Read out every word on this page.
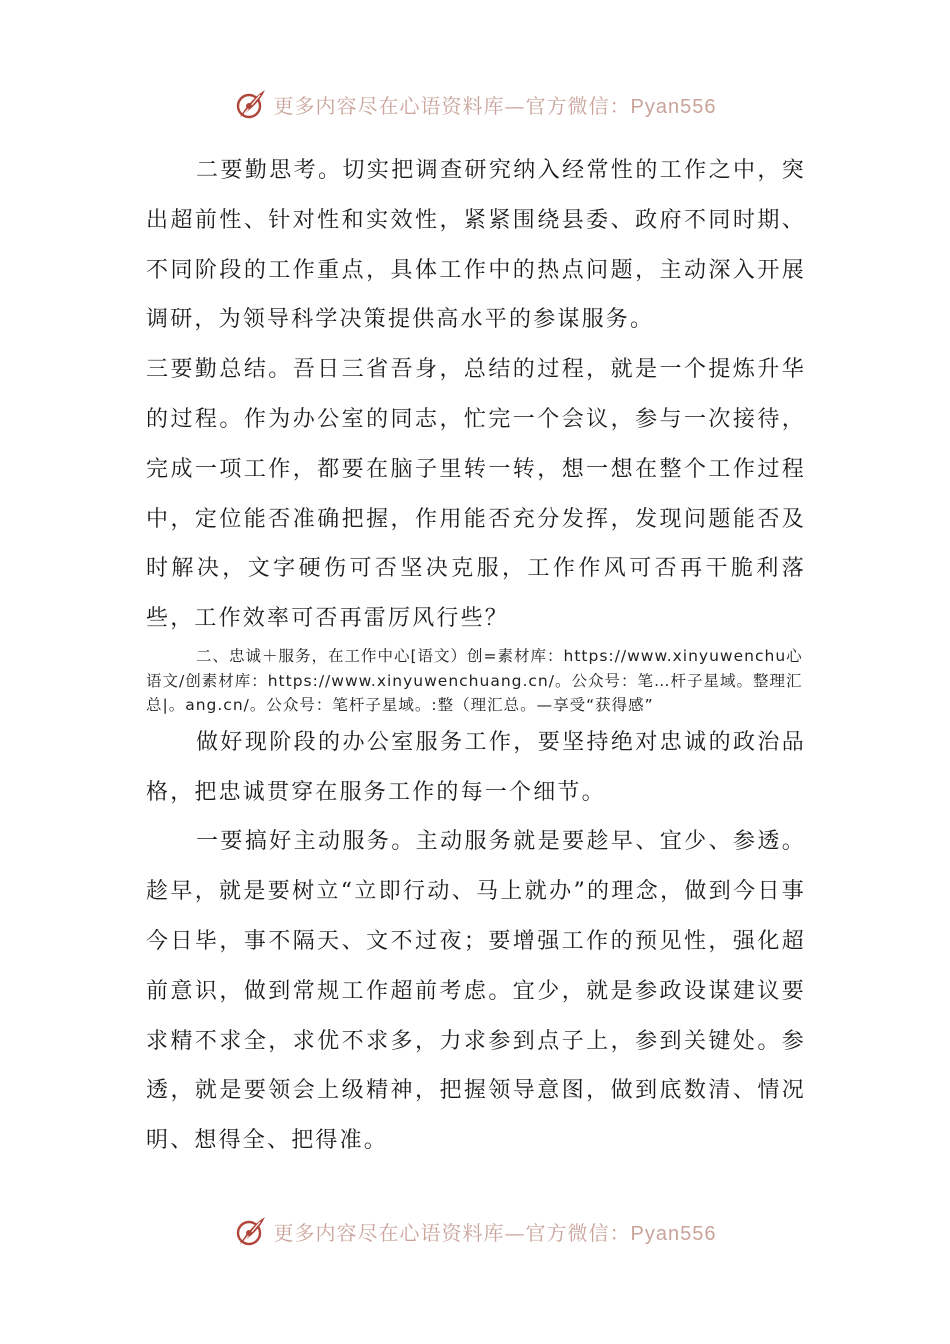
更多内容尽在心语资料库—官方微信：Pyan556

二要勤思考。切实把调查研究纳入经常性的工作之中，突出超前性、针对性和实效性，紧紧围绕县委、政府不同时期、不同阶段的工作重点，具体工作中的热点问题，主动深入开展调研，为领导科学决策提供高水平的参谋服务。

三要勤总结。吾日三省吾身，总结的过程，就是一个提炼升华的过程。作为办公室的同志，忙完一个会议，参与一次接待，完成一项工作，都要在脑子里转一转，想一想在整个工作过程中，定位能否准确把握，作用能否充分发挥，发现问题能否及时解决，文字硬伤可否坚决克服，工作作风可否再干脆利落些，工作效率可否再雷厉风行些？

二、忠诚＋服务，在工作中心[语文）创=素材库：https://www.xinyuwenchu心语文/创素材库：https://www.xinyuwenchuang.cn/。公众号：笔…杆子星域。整理汇总|。ang.cn/。公众号：笔杆子星域。:整（理汇总。—享受“获得感”

做好现阶段的办公室服务工作，要坚持绝对忠诚的政治品格，把忠诚贯穿在服务工作的每一个细节。

一要搞好主动服务。主动服务就是要趁早、宜少、参透。趁早，就是要树立“立即行动、马上就办”的理念，做到今日事今日毕，事不隔天、文不过夜；要增强工作的预见性，强化超前意识，做到常规工作超前考虑。宜少，就是参政设谋建议要求精不求全，求优不求多，力求参到点子上，参到关键处。参透，就是要领会上级精神，把握领导意图，做到底数清、情况明、想得全、把得准。

更多内容尽在心语资料库—官方微信：Pyan556
